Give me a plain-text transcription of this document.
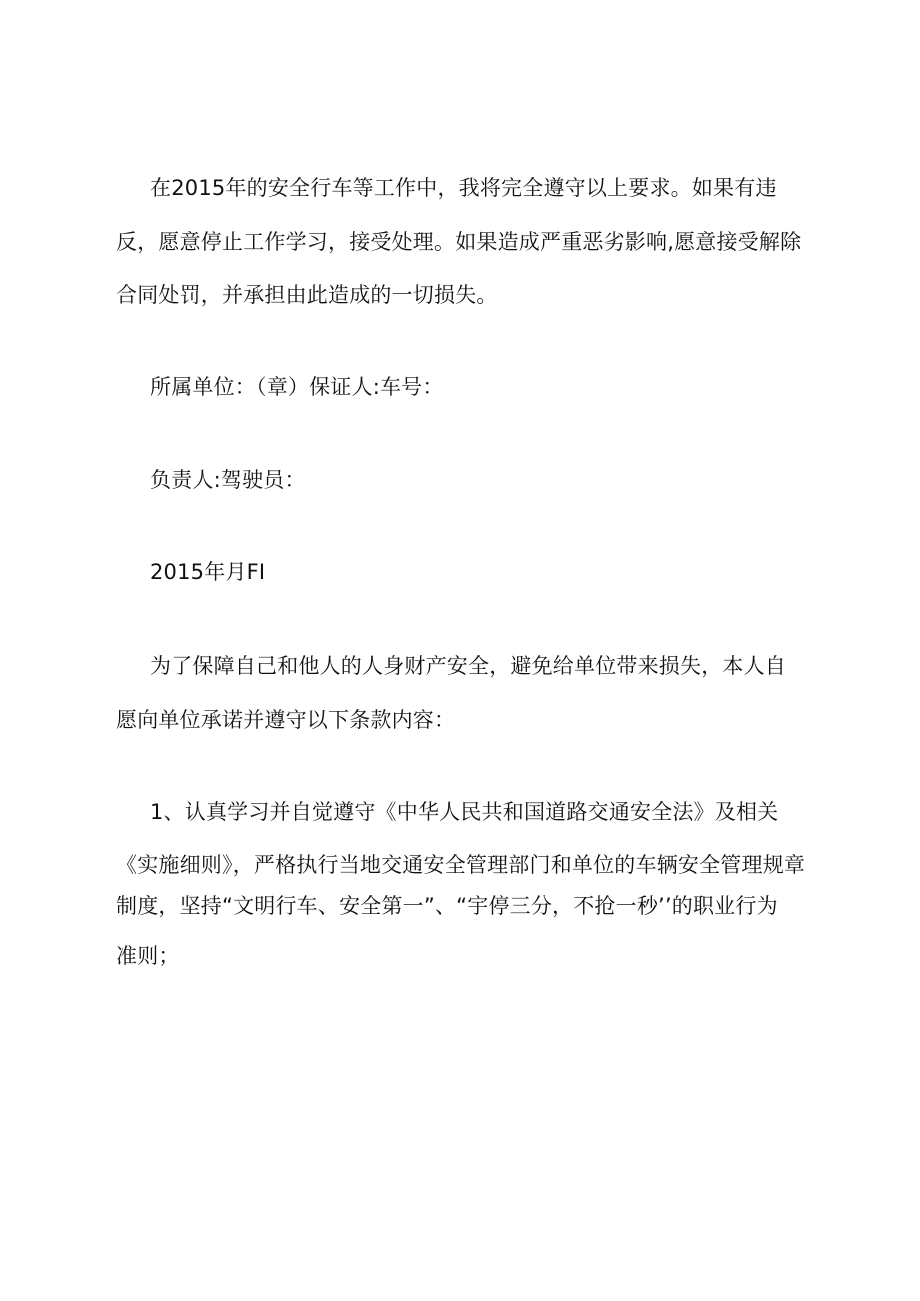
在2015年的安全行车等工作中，我将完全遵守以上要求。如果有违
反，愿意停止工作学习，接受处理。如果造成严重恶劣影响,愿意接受解除
合同处罚，并承担由此造成的一切损失。
所属单位：（章）保证人:车号：
负责人:驾驶员：
2015年月FI
为了保障自己和他人的人身财产安全，避免给单位带来损失，本人自
愿向单位承诺并遵守以下条款内容：
1、认真学习并自觉遵守《中华人民共和国道路交通安全法》及相关
《实施细则》，严格执行当地交通安全管理部门和单位的车辆安全管理规章
制度，坚持“文明行车、安全第一”、“宇停三分，不抢一秒’’的职业行为
准则；
